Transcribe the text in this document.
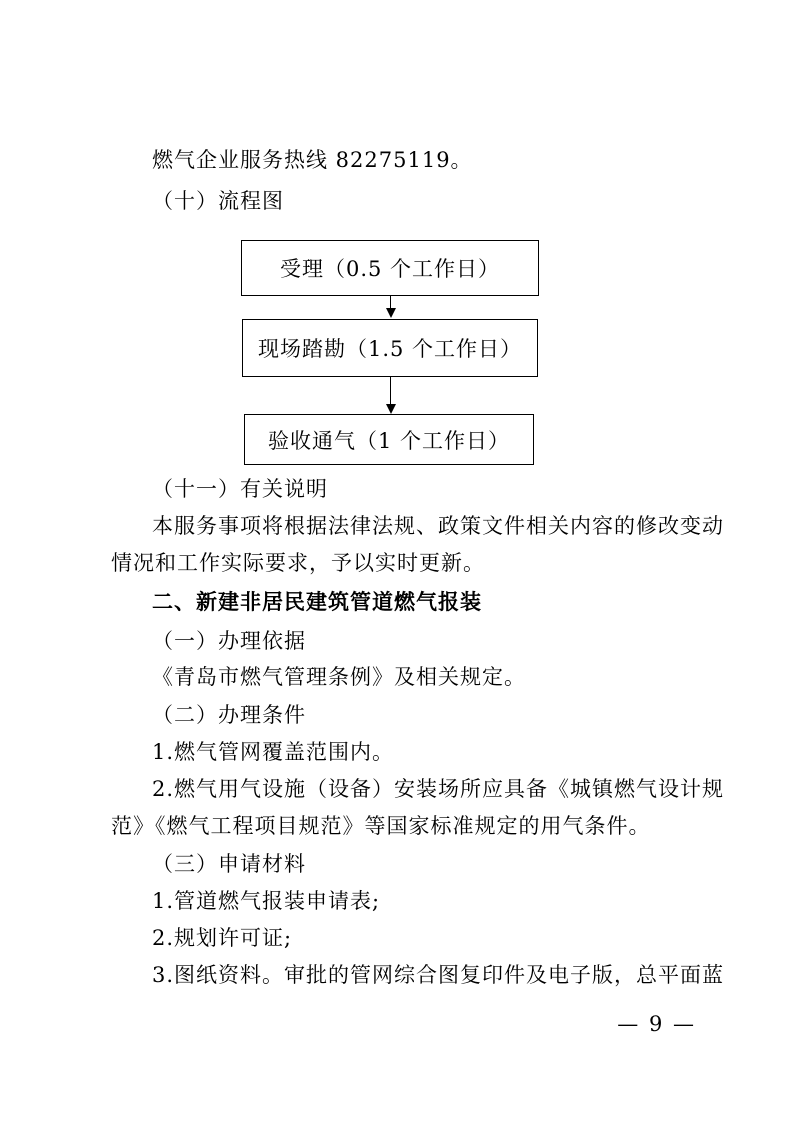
燃气企业服务热线 82275119。
（十）流程图
受理（0.5 个工作日）
现场踏勘（1.5 个工作日）
验收通气（1 个工作日）
（十一）有关说明
本服务事项将根据法律法规、政策文件相关内容的修改变动
情况和工作实际要求，予以实时更新。
二、新建非居民建筑管道燃气报装
（一）办理依据
《青岛市燃气管理条例》及相关规定。
（二）办理条件
1.燃气管网覆盖范围内。
2.燃气用气设施（设备）安装场所应具备《城镇燃气设计规
范》《燃气工程项目规范》等国家标准规定的用气条件。
（三）申请材料
1.管道燃气报装申请表;
2.规划许可证;
3.图纸资料。审批的管网综合图复印件及电子版，总平面蓝
— 9 —
